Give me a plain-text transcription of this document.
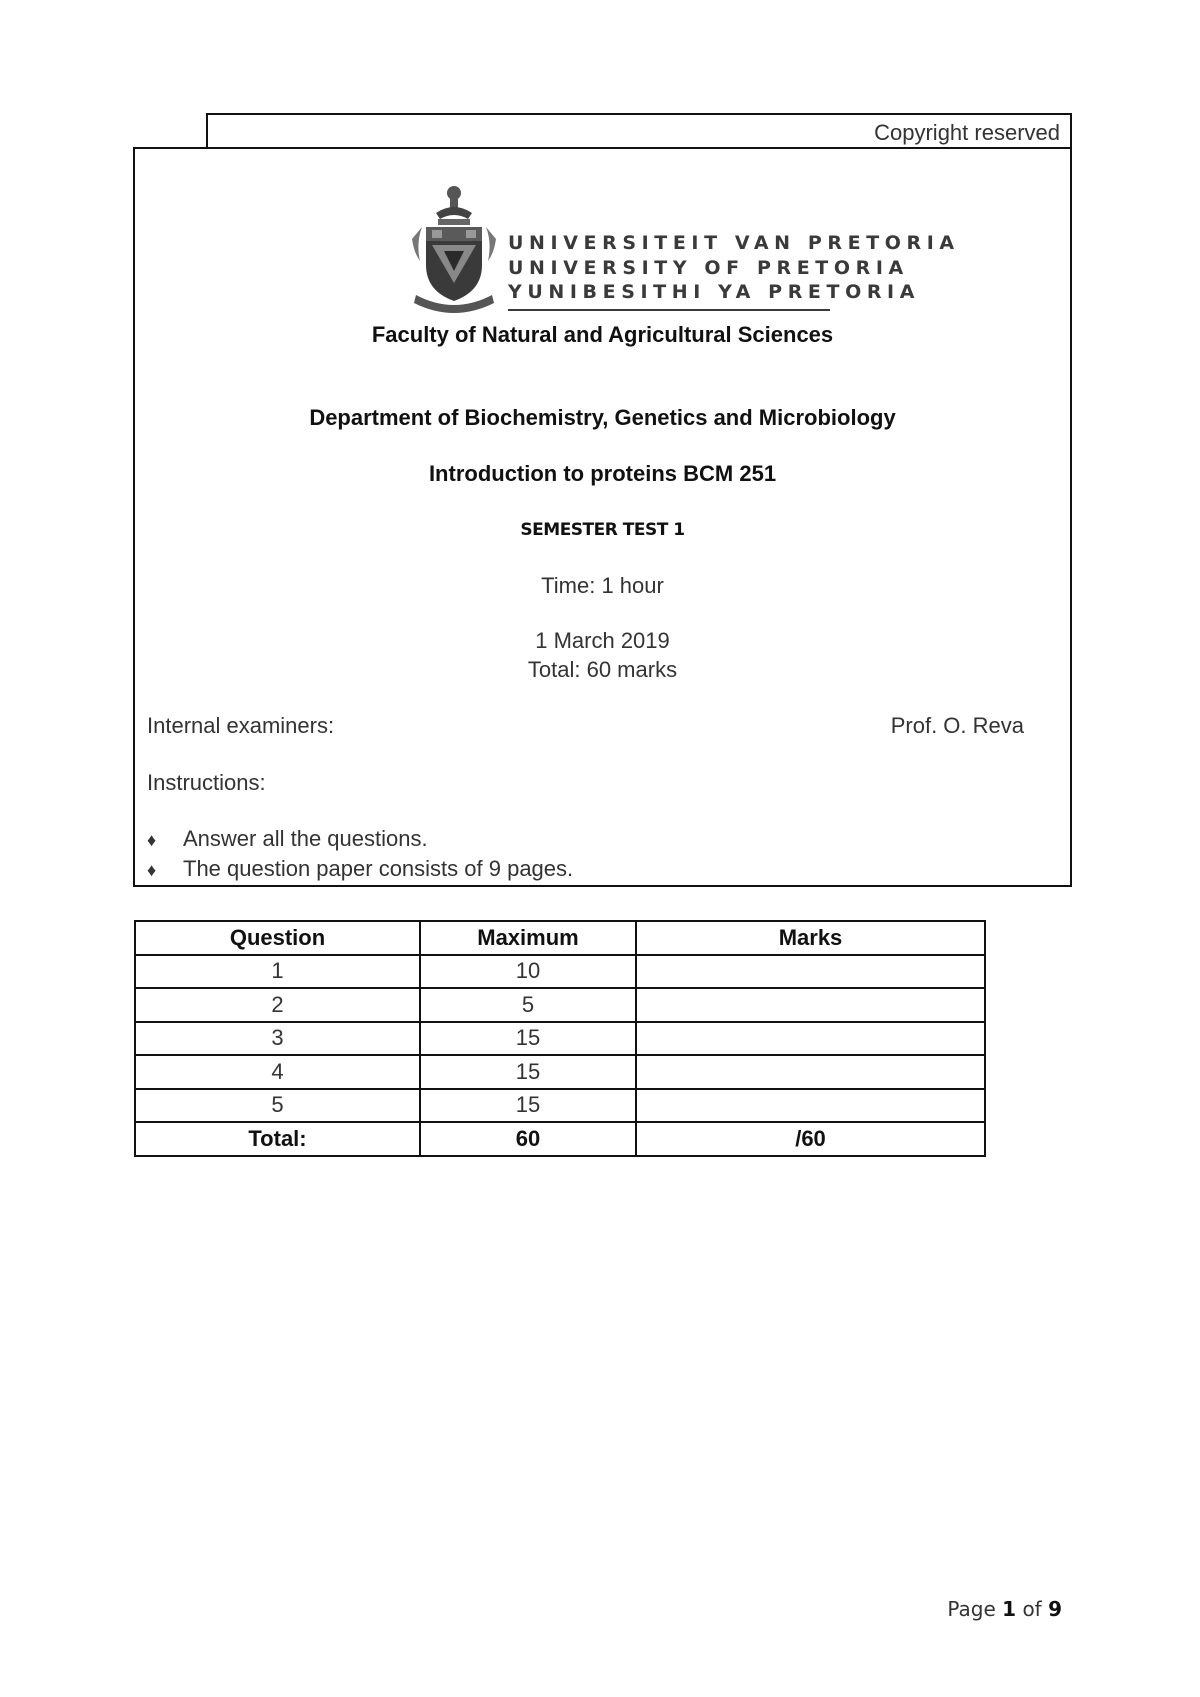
Copyright reserved
UNIVERSITEIT VAN PRETORIA
UNIVERSITY OF PRETORIA
YUNIBESITHI YA PRETORIA
Faculty of Natural and Agricultural Sciences
Department of Biochemistry, Genetics and Microbiology
Introduction to proteins BCM 251
SEMESTER TEST 1
Time: 1 hour
1 March 2019
Total: 60 marks
Internal examiners:	Prof. O. Reva
Instructions:
♦ Answer all the questions.
♦ The question paper consists of 9 pages.
Question	Maximum	Marks
1	10	
2	5	
3	15	
4	15	
5	15	
Total:	60	/60
Page 1 of 9
